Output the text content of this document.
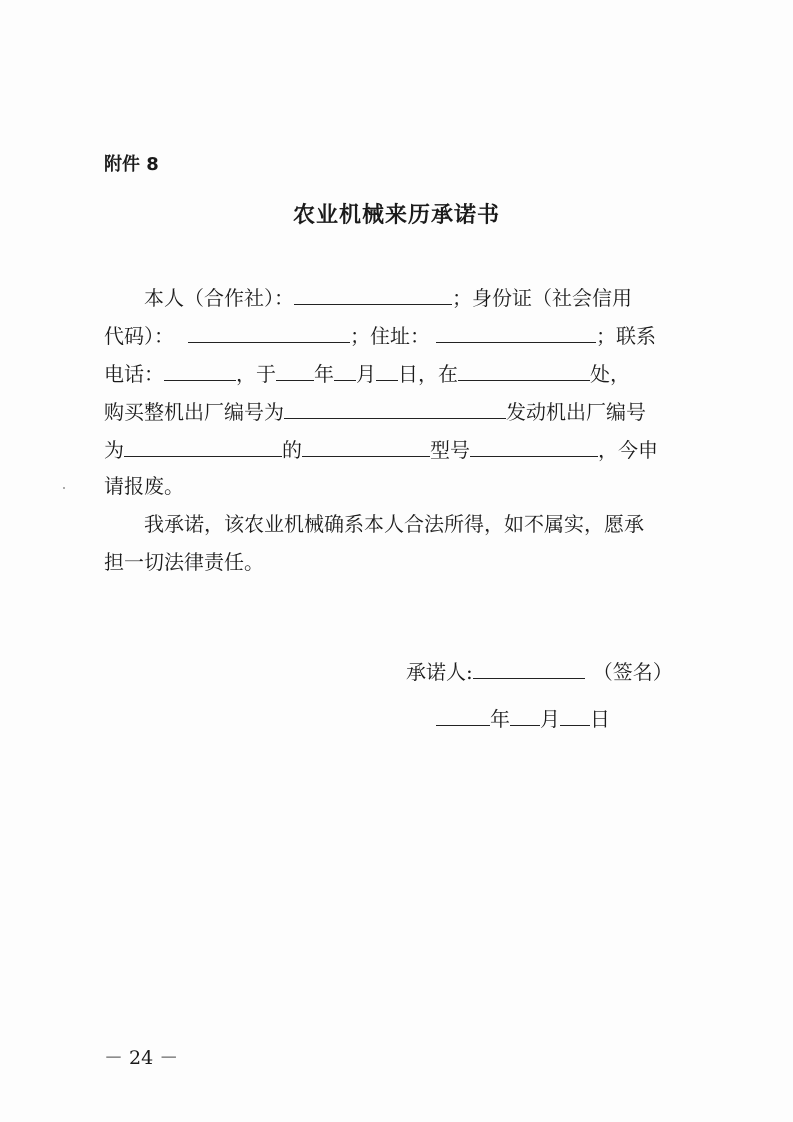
附件 8
农业机械来历承诺书
本人（合作社）：	；身份证（社会信用
代码）：	；住址：	；联系
电话：	，于 年 月 日，在	处，
购买整机出厂编号为	发动机出厂编号
为	的	型号	，今申
请报废。
我承诺，该农业机械确系本人合法所得，如不属实，愿承
担一切法律责任。
承诺人:	（签名）
年 月 日
－ 24 －
